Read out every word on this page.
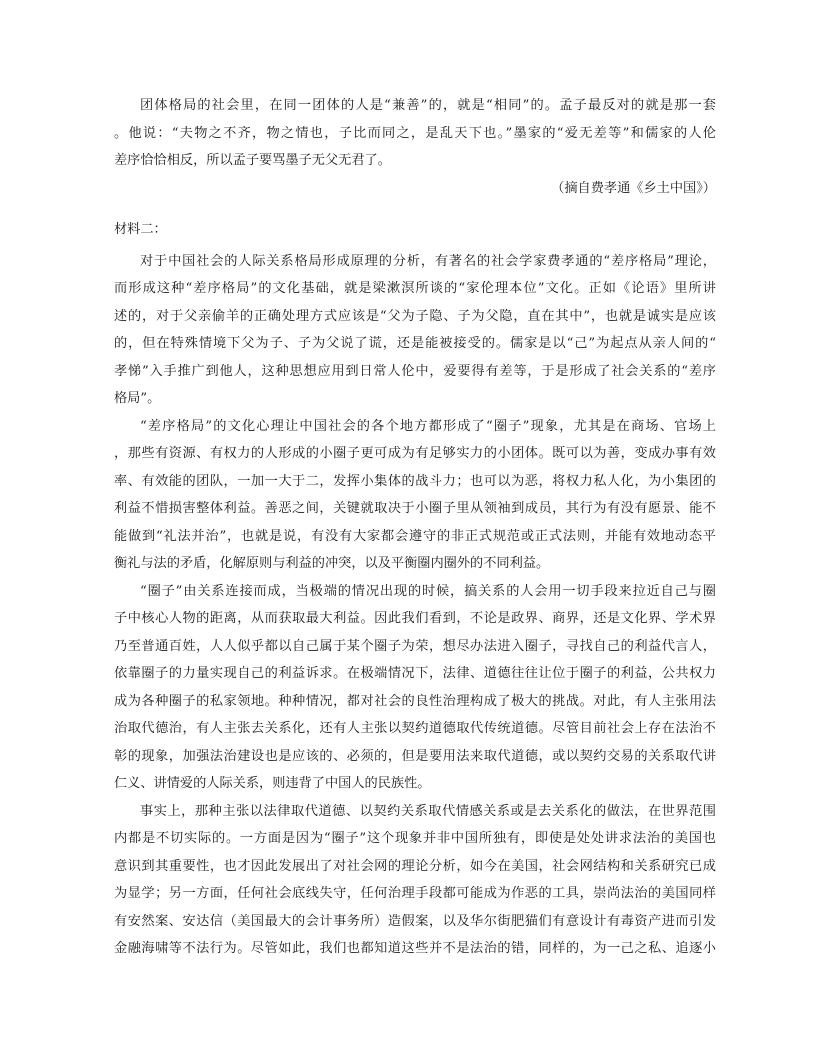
团体格局的社会里，在同一团体的人是“兼善”的，就是“相同”的。孟子最反对的就是那一套
。他说：“夫物之不齐，物之情也，子比而同之，是乱天下也。”墨家的“爱无差等”和儒家的人伦
差序恰恰相反，所以孟子要骂墨子无父无君了。
（摘自费孝通《乡土中国》）
材料二：
对于中国社会的人际关系格局形成原理的分析，有著名的社会学家费孝通的“差序格局”理论，
而形成这种“差序格局”的文化基础，就是梁漱溟所谈的“家伦理本位”文化。正如《论语》里所讲
述的，对于父亲偷羊的正确处理方式应该是“父为子隐、子为父隐，直在其中”，也就是诚实是应该
的，但在特殊情境下父为子、子为父说了谎，还是能被接受的。儒家是以“己”为起点从亲人间的“
孝悌”入手推广到他人，这种思想应用到日常人伦中，爱要得有差等，于是形成了社会关系的“差序
格局”。
“差序格局”的文化心理让中国社会的各个地方都形成了“圈子”现象，尤其是在商场、官场上
，那些有资源、有权力的人形成的小圈子更可成为有足够实力的小团体。既可以为善，变成办事有效
率、有效能的团队，一加一大于二，发挥小集体的战斗力；也可以为恶，将权力私人化，为小集团的
利益不惜损害整体利益。善恶之间，关键就取决于小圈子里从领袖到成员，其行为有没有愿景、能不
能做到“礼法并治”，也就是说，有没有大家都会遵守的非正式规范或正式法则，并能有效地动态平
衡礼与法的矛盾，化解原则与利益的冲突，以及平衡圈内圈外的不同利益。
“圈子”由关系连接而成，当极端的情况出现的时候，搞关系的人会用一切手段来拉近自己与圈
子中核心人物的距离，从而获取最大利益。因此我们看到，不论是政界、商界，还是文化界、学术界
乃至普通百姓，人人似乎都以自己属于某个圈子为荣，想尽办法进入圈子，寻找自己的利益代言人，
依靠圈子的力量实现自己的利益诉求。在极端情况下，法律、道德往往让位于圈子的利益，公共权力
成为各种圈子的私家领地。种种情况，都对社会的良性治理构成了极大的挑战。对此，有人主张用法
治取代德治，有人主张去关系化，还有人主张以契约道德取代传统道德。尽管目前社会上存在法治不
彰的现象，加强法治建设也是应该的、必须的，但是要用法来取代道德，或以契约交易的关系取代讲
仁义、讲情爱的人际关系，则违背了中国人的民族性。
事实上，那种主张以法律取代道德、以契约关系取代情感关系或是去关系化的做法，在世界范围
内都是不切实际的。一方面是因为“圈子”这个现象并非中国所独有，即使是处处讲求法治的美国也
意识到其重要性，也才因此发展出了对社会网的理论分析，如今在美国，社会网结构和关系研究已成
为显学；另一方面，任何社会底线失守，任何治理手段都可能成为作恶的工具，崇尚法治的美国同样
有安然案、安达信（美国最大的会计事务所）造假案，以及华尔街肥猫们有意设计有毒资产进而引发
金融海啸等不法行为。尽管如此，我们也都知道这些并不是法治的错，同样的，为一己之私、追逐小
